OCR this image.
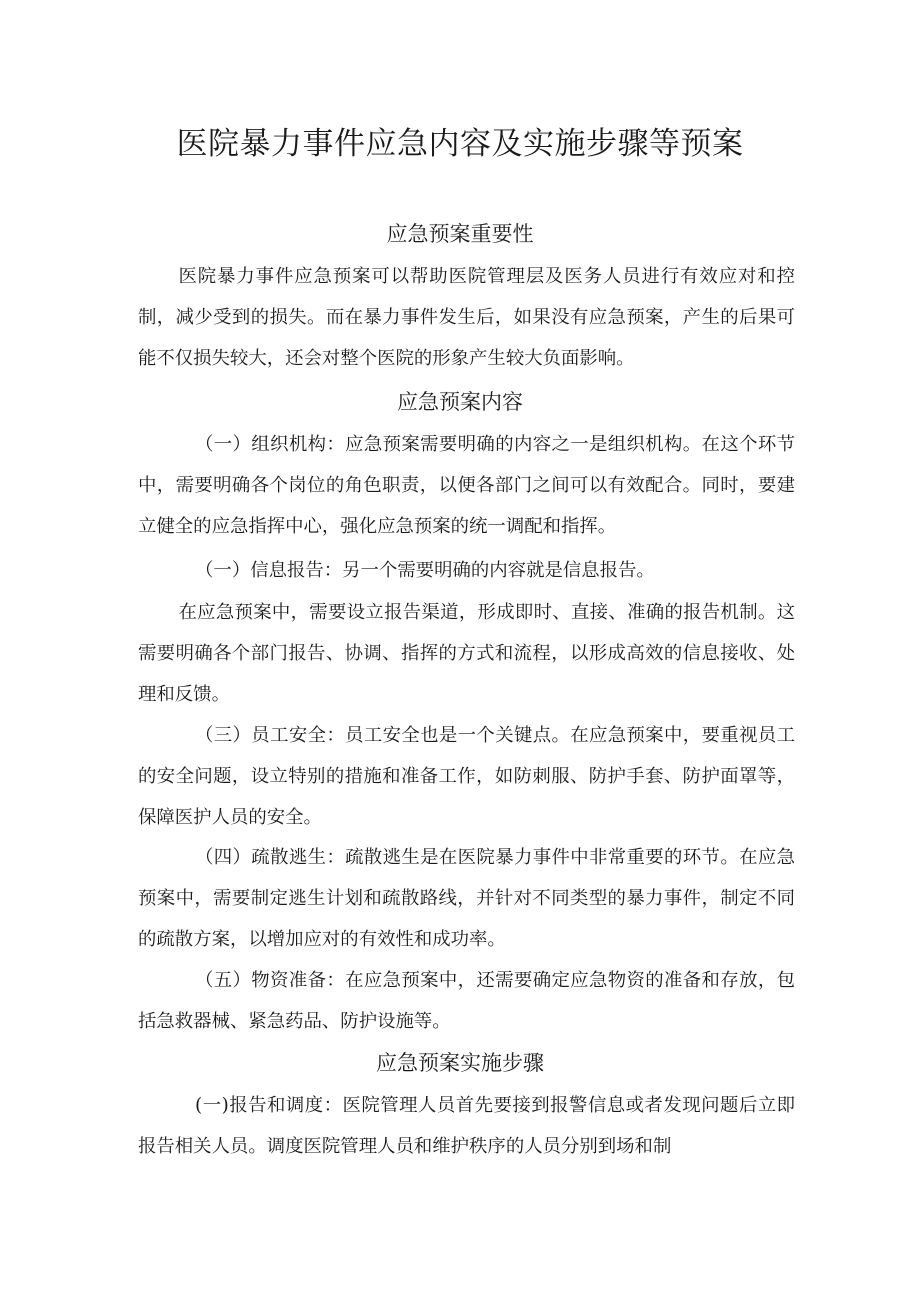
医院暴力事件应急内容及实施步骤等预案
应急预案重要性

医院暴力事件应急预案可以帮助医院管理层及医务人员进行有效应对和控制，减少受到的损失。而在暴力事件发生后，如果没有应急预案，产生的后果可能不仅损失较大，还会对整个医院的形象产生较大负面影响。

应急预案内容

（一）组织机构：应急预案需要明确的内容之一是组织机构。在这个环节中，需要明确各个岗位的角色职责，以便各部门之间可以有效配合。同时，要建立健全的应急指挥中心，强化应急预案的统一调配和指挥。

（一）信息报告：另一个需要明确的内容就是信息报告。

在应急预案中，需要设立报告渠道，形成即时、直接、准确的报告机制。这需要明确各个部门报告、协调、指挥的方式和流程，以形成高效的信息接收、处理和反馈。

（三）员工安全：员工安全也是一个关键点。在应急预案中，要重视员工的安全问题，设立特别的措施和准备工作，如防刺服、防护手套、防护面罩等，保障医护人员的安全。

（四）疏散逃生：疏散逃生是在医院暴力事件中非常重要的环节。在应急预案中，需要制定逃生计划和疏散路线，并针对不同类型的暴力事件，制定不同的疏散方案，以增加应对的有效性和成功率。

（五）物资准备：在应急预案中，还需要确定应急物资的准备和存放，包括急救器械、紧急药品、防护设施等。

应急预案实施步骤

(一)报告和调度：医院管理人员首先要接到报警信息或者发现问题后立即报告相关人员。调度医院管理人员和维护秩序的人员分别到场和制
